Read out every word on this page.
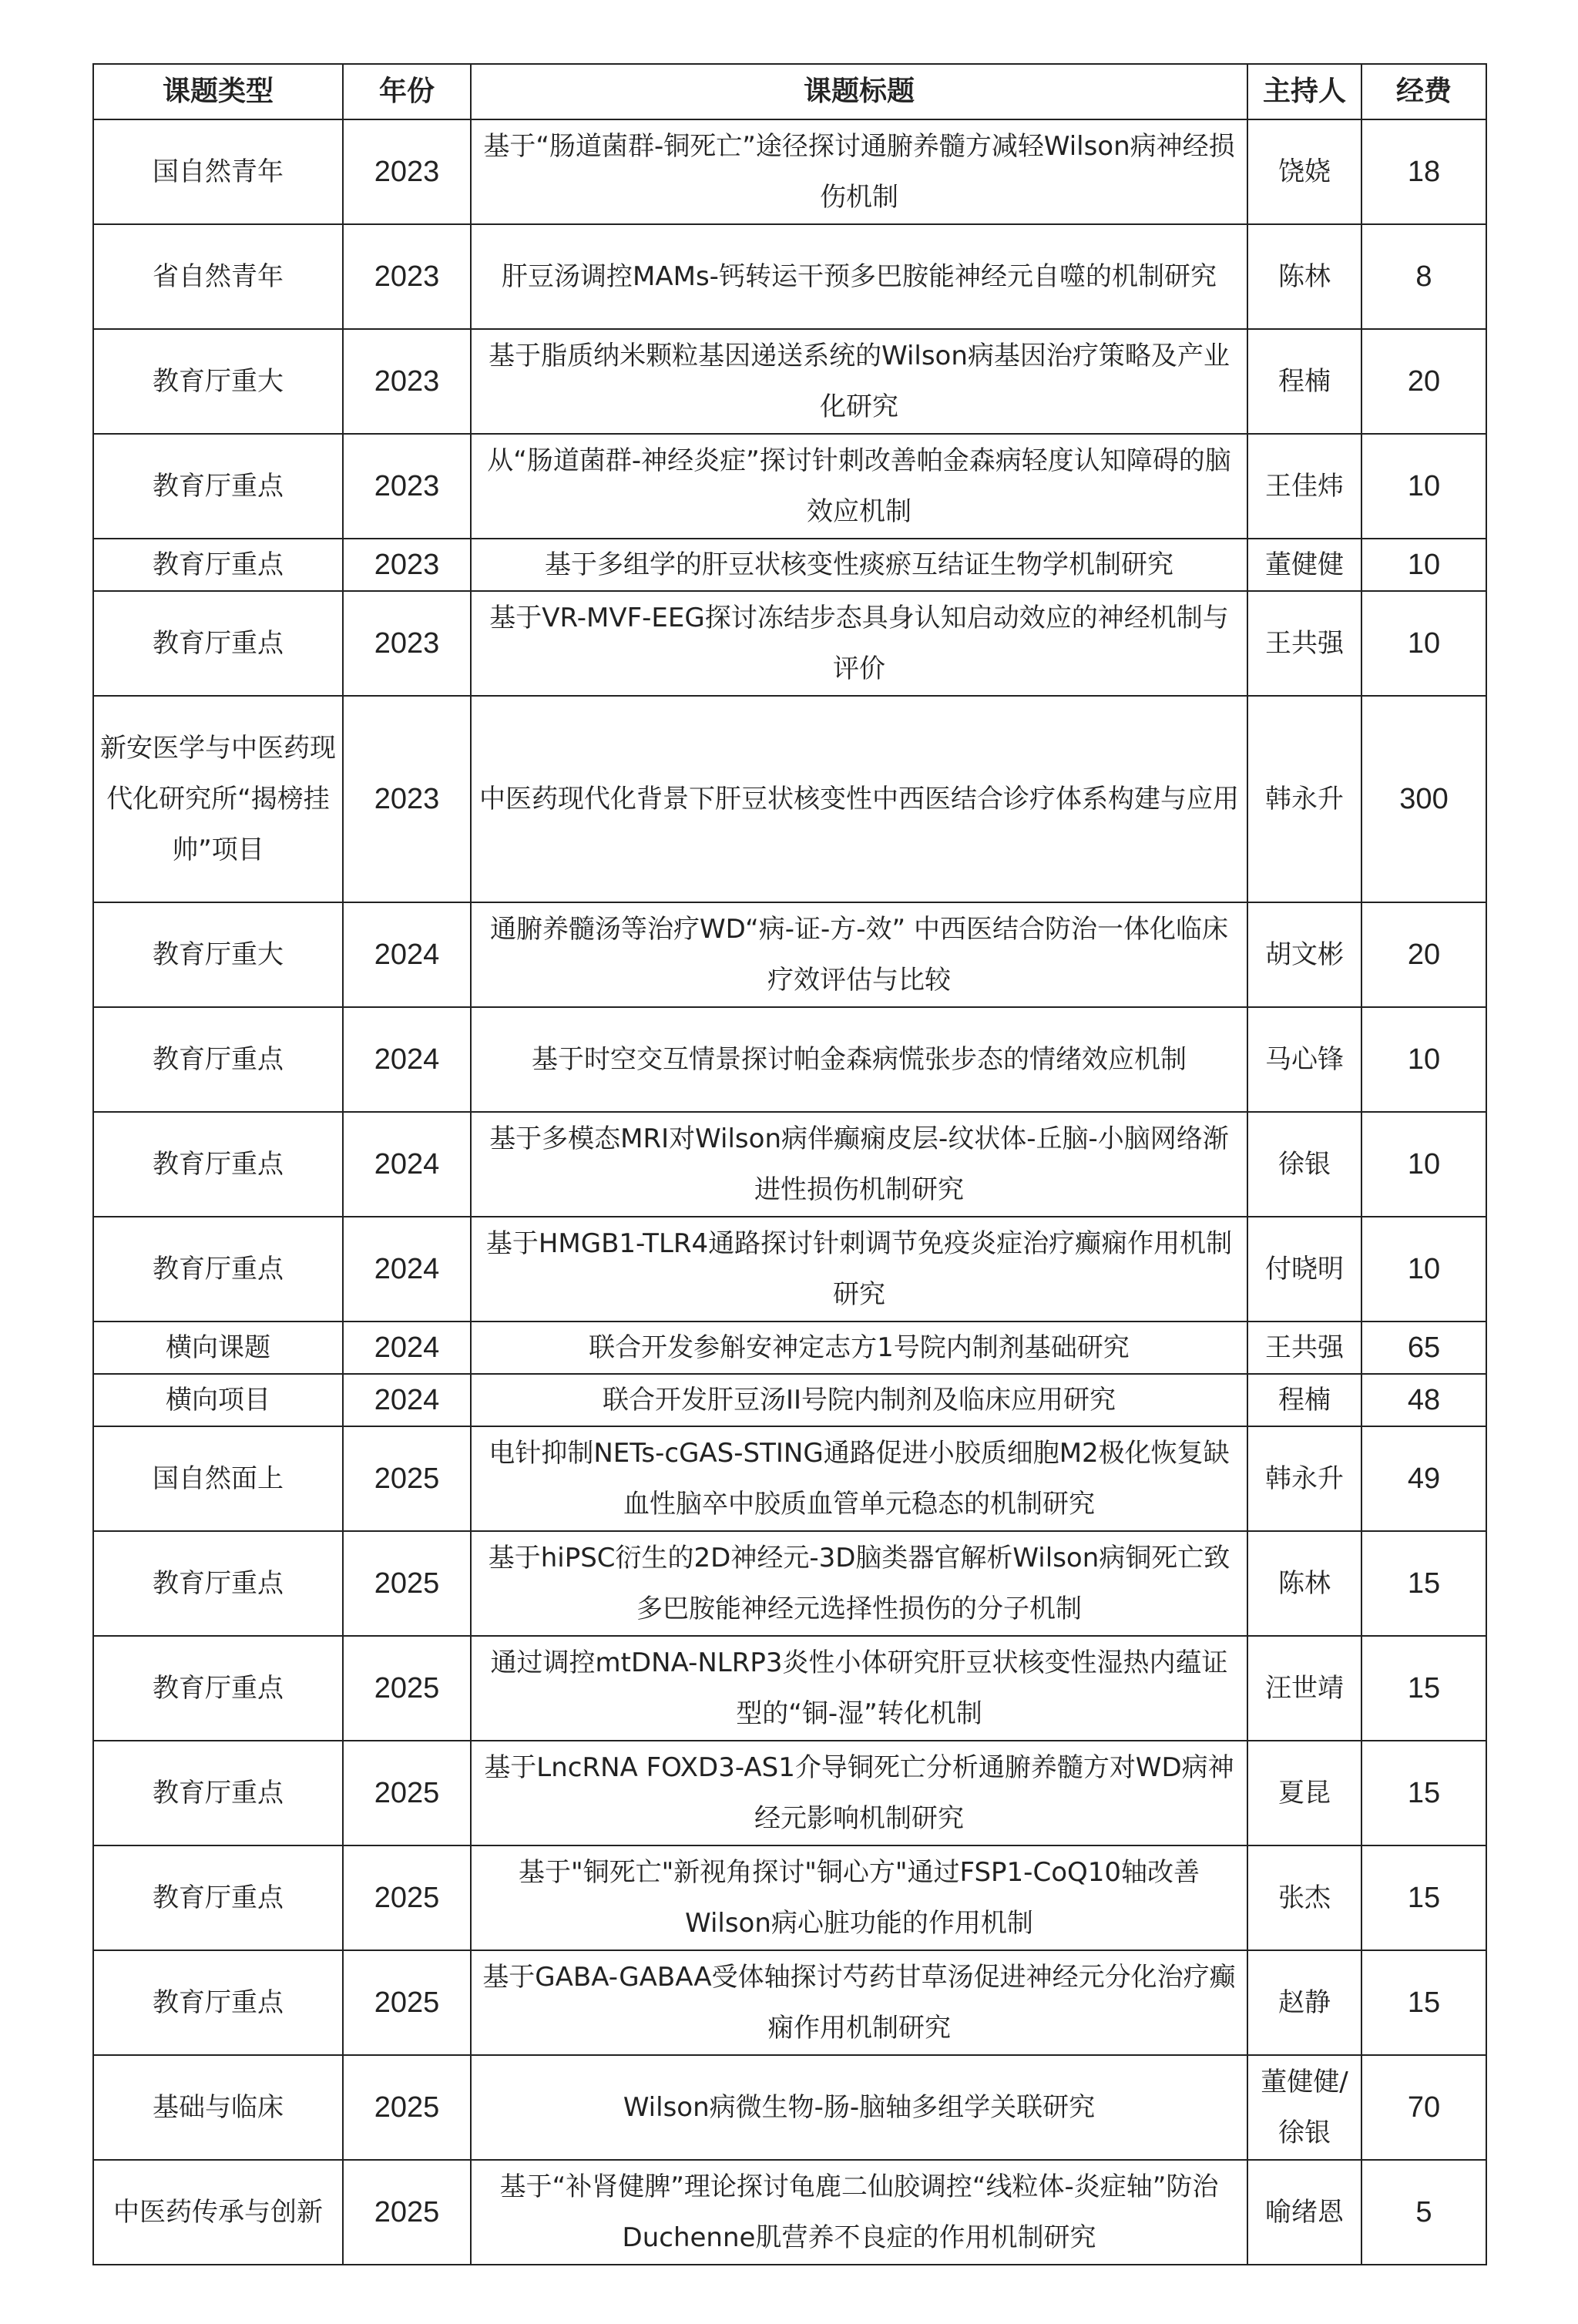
课题类型	年份	课题标题	主持人	经费
国自然青年	2023	基于“肠道菌群-铜死亡”途径探讨通腑养髓方减轻Wilson病神经损伤机制	饶娆	18
省自然青年	2023	肝豆汤调控MAMs-钙转运干预多巴胺能神经元自噬的机制研究	陈林	8
教育厅重大	2023	基于脂质纳米颗粒基因递送系统的Wilson病基因治疗策略及产业化研究	程楠	20
教育厅重点	2023	从“肠道菌群-神经炎症”探讨针刺改善帕金森病轻度认知障碍的脑效应机制	王佳炜	10
教育厅重点	2023	基于多组学的肝豆状核变性痰瘀互结证生物学机制研究	董健健	10
教育厅重点	2023	基于VR-MVF-EEG探讨冻结步态具身认知启动效应的神经机制与评价	王共强	10
新安医学与中医药现代化研究所“揭榜挂帅”项目	2023	中医药现代化背景下肝豆状核变性中西医结合诊疗体系构建与应用	韩永升	300
教育厅重大	2024	通腑养髓汤等治疗WD“病-证-方-效” 中西医结合防治一体化临床疗效评估与比较	胡文彬	20
教育厅重点	2024	基于时空交互情景探讨帕金森病慌张步态的情绪效应机制	马心锋	10
教育厅重点	2024	基于多模态MRI对Wilson病伴癫痫皮层-纹状体-丘脑-小脑网络渐进性损伤机制研究	徐银	10
教育厅重点	2024	基于HMGB1-TLR4通路探讨针刺调节免疫炎症治疗癫痫作用机制研究	付晓明	10
横向课题	2024	联合开发参斛安神定志方1号院内制剂基础研究	王共强	65
横向项目	2024	联合开发肝豆汤II号院内制剂及临床应用研究	程楠	48
国自然面上	2025	电针抑制NETs-cGAS-STING通路促进小胶质细胞M2极化恢复缺血性脑卒中胶质血管单元稳态的机制研究	韩永升	49
教育厅重点	2025	基于hiPSC衍生的2D神经元-3D脑类器官解析Wilson病铜死亡致多巴胺能神经元选择性损伤的分子机制	陈林	15
教育厅重点	2025	通过调控mtDNA-NLRP3炎性小体研究肝豆状核变性湿热内蕴证型的“铜-湿”转化机制	汪世靖	15
教育厅重点	2025	基于LncRNA FOXD3-AS1介导铜死亡分析通腑养髓方对WD病神经元影响机制研究	夏昆	15
教育厅重点	2025	基于"铜死亡"新视角探讨"铜心方"通过FSP1-CoQ10轴改善Wilson病心脏功能的作用机制	张杰	15
教育厅重点	2025	基于GABA-GABAA受体轴探讨芍药甘草汤促进神经元分化治疗癫痫作用机制研究	赵静	15
基础与临床	2025	Wilson病微生物-肠-脑轴多组学关联研究	董健健/徐银	70
中医药传承与创新	2025	基于“补肾健脾”理论探讨龟鹿二仙胶调控“线粒体-炎症轴”防治Duchenne肌营养不良症的作用机制研究	喻绪恩	5
